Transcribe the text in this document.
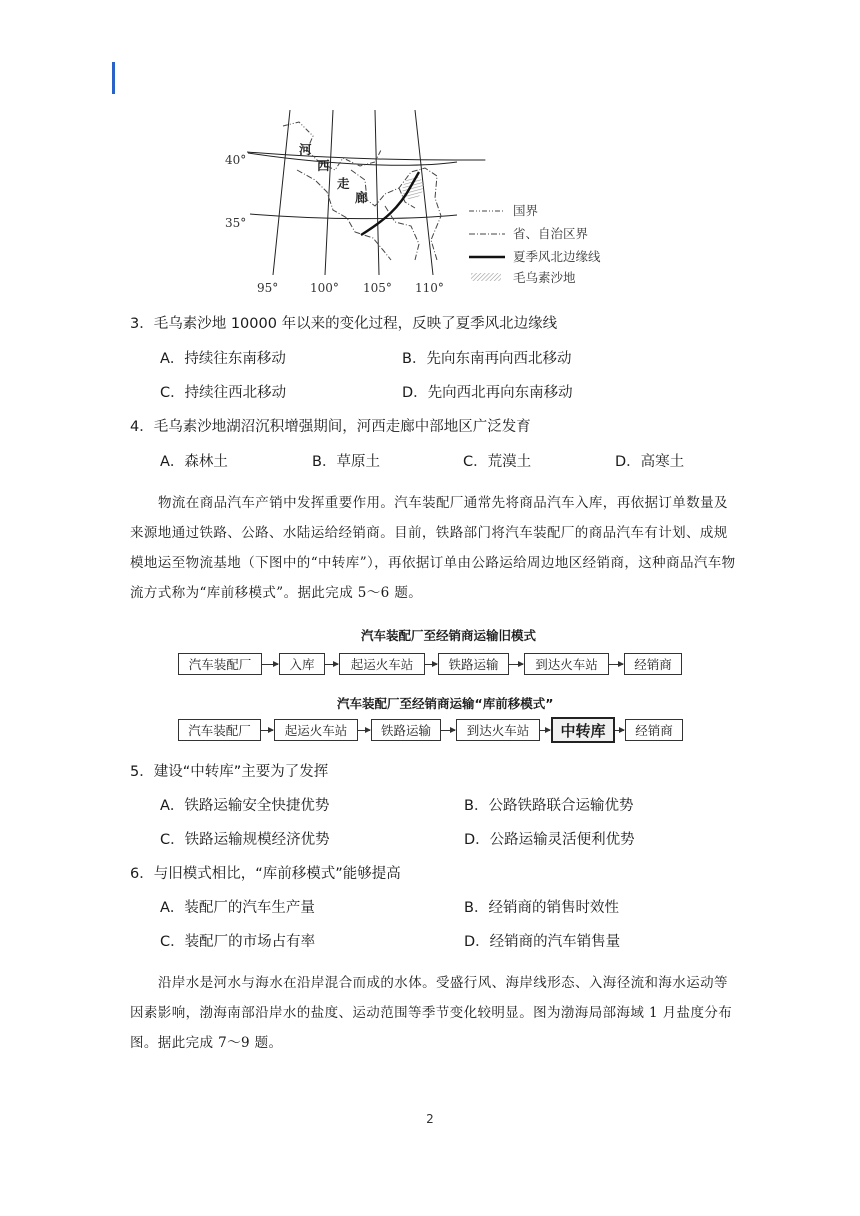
河
西
走
廊
40°
35°
95°	100° 105° 110°
国界
省、自治区界
夏季风北边缘线
毛乌素沙地
3．毛乌素沙地 10000 年以来的变化过程，反映了夏季风北边缘线
A．持续往东南移动	B．先向东南再向西北移动
C．持续往西北移动	D．先向西北再向东南移动
4．毛乌素沙地湖沼沉积增强期间，河西走廊中部地区广泛发育
A．森林土	B．草原土	C．荒漠土	D．高寒土
物流在商品汽车产销中发挥重要作用。汽车装配厂通常先将商品汽车入库，再依据订单数量及来源地通过铁路、公路、水陆运给经销商。目前，铁路部门将汽车装配厂的商品汽车有计划、成规模地运至物流基地（下图中的“中转库”），再依据订单由公路运给周边地区经销商，这种商品汽车物流方式称为“库前移模式”。据此完成 5～6 题。
汽车装配厂至经销商运输旧模式
汽车装配厂	入库	起运火车站	铁路运输	到达火车站	经销商
汽车装配厂至经销商运输“库前移模式”
汽车装配厂	起运火车站	铁路运输	到达火车站	中转库	经销商
5．建设“中转库”主要为了发挥
A．铁路运输安全快捷优势	B．公路铁路联合运输优势
C．铁路运输规模经济优势	D．公路运输灵活便利优势
6．与旧模式相比，“库前移模式”能够提高
A．装配厂的汽车生产量	B．经销商的销售时效性
C．装配厂的市场占有率	D．经销商的汽车销售量
沿岸水是河水与海水在沿岸混合而成的水体。受盛行风、海岸线形态、入海径流和海水运动等因素影响，渤海南部沿岸水的盐度、运动范围等季节变化较明显。图为渤海局部海域 1 月盐度分布图。据此完成 7～9 题。
2
